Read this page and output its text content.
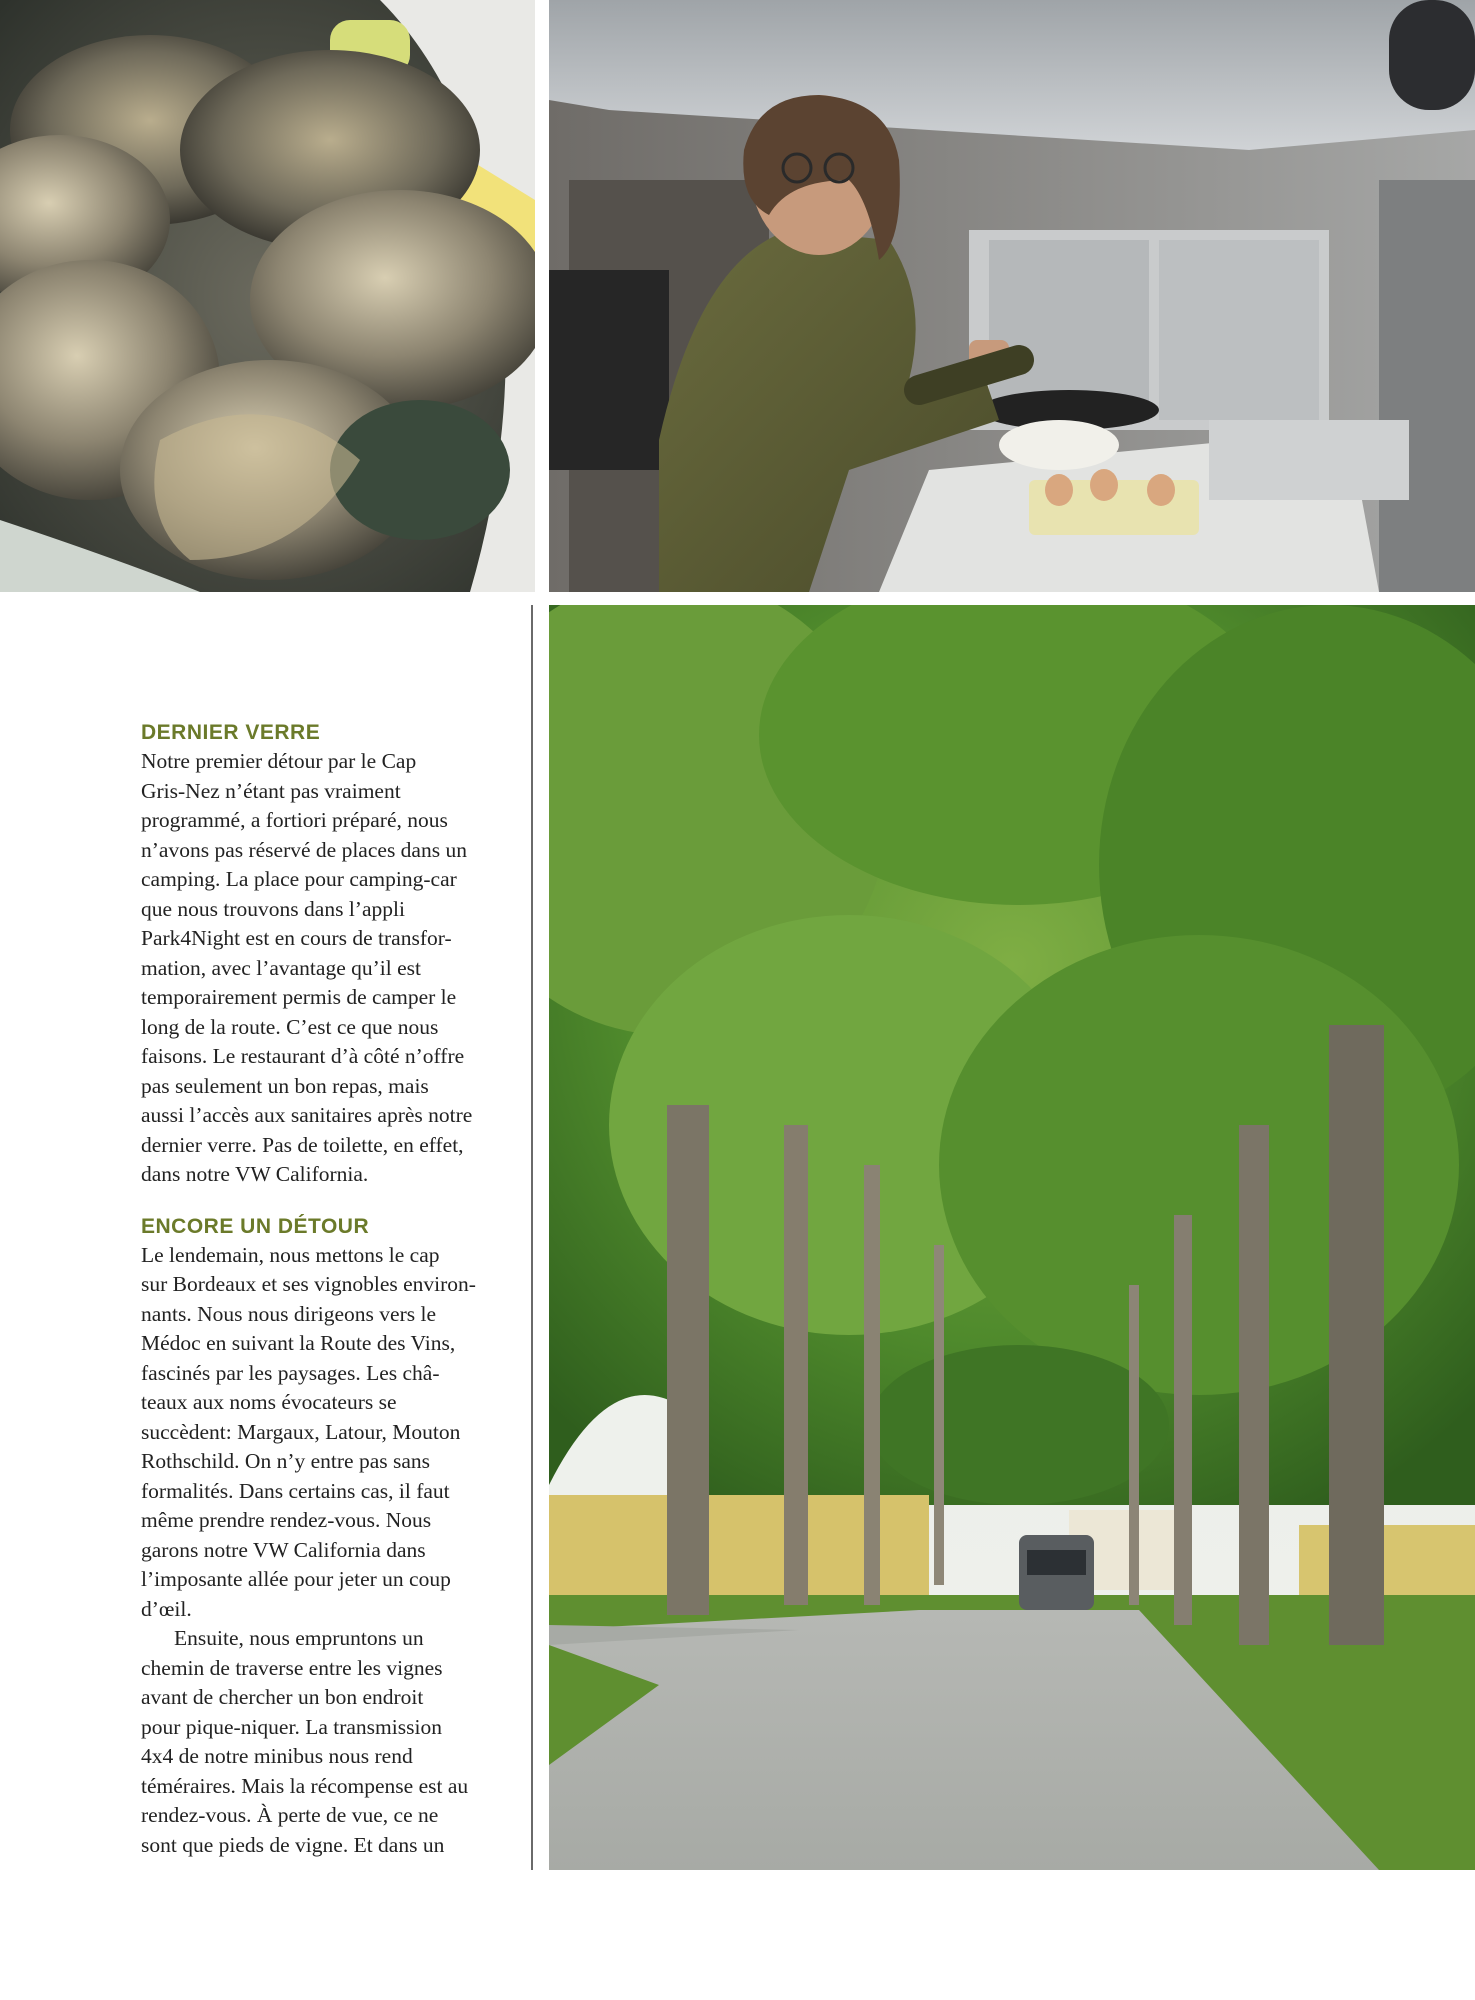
DERNIER VERRE

Notre premier détour par le Cap
Gris-Nez n’étant pas vraiment
programmé, a fortiori préparé, nous
n’avons pas réservé de places dans un
camping. La place pour camping-car
que nous trouvons dans l’appli
Park4Night est en cours de transfor-
mation, avec l’avantage qu’il est
temporairement permis de camper le
long de la route. C’est ce que nous
faisons. Le restaurant d’à côté n’offre
pas seulement un bon repas, mais
aussi l’accès aux sanitaires après notre
dernier verre. Pas de toilette, en effet,
dans notre VW California.

ENCORE UN DÉTOUR

Le lendemain, nous mettons le cap
sur Bordeaux et ses vignobles environ-
nants. Nous nous dirigeons vers le
Médoc en suivant la Route des Vins,
fascinés par les paysages. Les châ-
teaux aux noms évocateurs se
succèdent: Margaux, Latour, Mouton
Rothschild. On n’y entre pas sans
formalités. Dans certains cas, il faut
même prendre rendez-vous. Nous
garons notre VW California dans
l’imposante allée pour jeter un coup
d’œil.

Ensuite, nous empruntons un
chemin de traverse entre les vignes
avant de chercher un bon endroit
pour pique-niquer. La transmission
4x4 de notre minibus nous rend
téméraires. Mais la récompense est au
rendez-vous. À perte de vue, ce ne
sont que pieds de vigne. Et dans un
